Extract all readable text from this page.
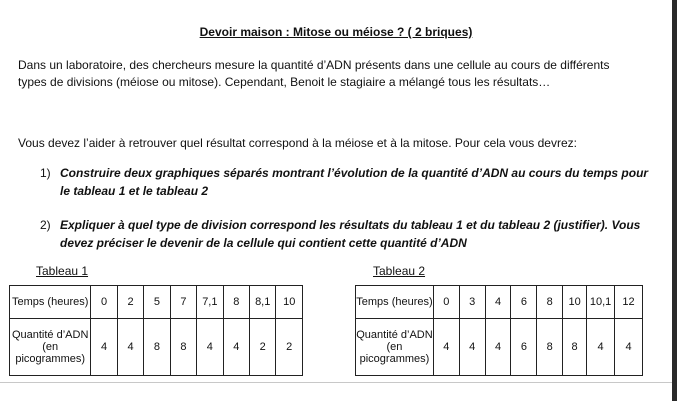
Devoir maison : Mitose ou méiose ? ( 2 briques)
Dans un laboratoire, des chercheurs mesure la quantité d’ADN présents dans une cellule au cours de différents types de divisions (méiose ou mitose). Cependant, Benoit le stagiaire a mélangé tous les résultats…
Vous devez l’aider à retrouver quel résultat correspond à la méiose et à la mitose. Pour cela vous devrez:
1) Construire deux graphiques séparés montrant l’évolution de la quantité d’ADN au cours du temps pour le tableau 1 et le tableau 2
2) Expliquer à quel type de division correspond les résultats du tableau 1 et du tableau 2 (justifier). Vous devez préciser le devenir de la cellule qui contient cette quantité d’ADN
Tableau 1
Temps (heures)	0	2	5	7	7,1	8	8,1	10
Quantité d’ADN (en picogrammes)	4	4	8	8	4	4	2	2
Tableau 2
Temps (heures)	0	3	4	6	8	10	10,1	12
Quantité d’ADN (en picogrammes)	4	4	4	6	8	8	4	4
